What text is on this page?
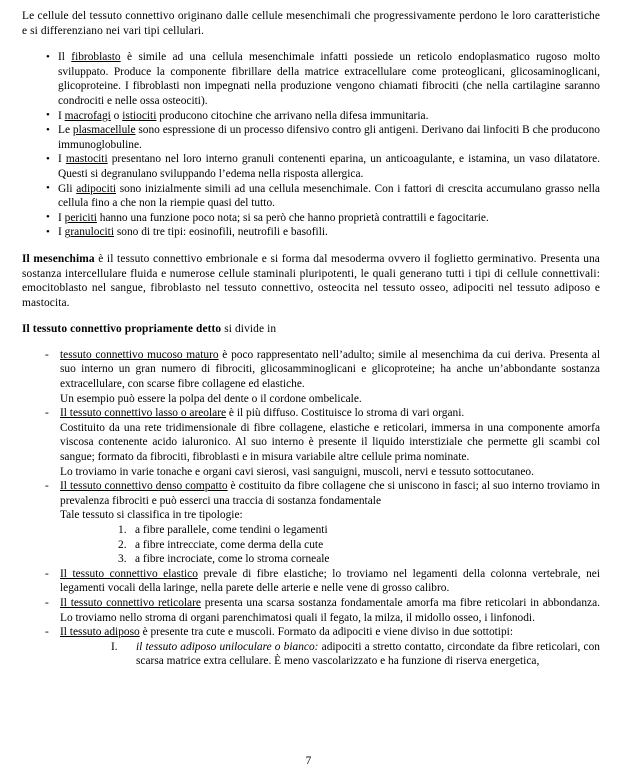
Le cellule del tessuto connettivo originano dalle cellule mesenchimali che progressivamente perdono le loro caratteristiche e si differenziano nei vari tipi cellulari.

• Il fibroblasto è simile ad una cellula mesenchimale infatti possiede un reticolo endoplasmatico rugoso molto sviluppato. Produce la componente fibrillare della matrice extracellulare come proteoglicani, glicosaminoglicani, glicoproteine. I fibroblasti non impegnati nella produzione vengono chiamati fibrociti (che nella cartilagine saranno condrociti e nelle ossa osteociti).
• I macrofagi o istiociti producono citochine che arrivano nella difesa immunitaria.
• Le plasmacellule sono espressione di un processo difensivo contro gli antigeni. Derivano dai linfociti B che producono immunoglobuline.
• I mastociti presentano nel loro interno granuli contenenti eparina, un anticoagulante, e istamina, un vaso dilatatore. Questi si degranulano sviluppando l’edema nella risposta allergica.
• Gli adipociti sono inizialmente simili ad una cellula mesenchimale. Con i fattori di crescita accumulano grasso nella cellula fino a che non la riempie quasi del tutto.
• I periciti hanno una funzione poco nota; si sa però che hanno proprietà contrattili e fagocitarie.
• I granulociti sono di tre tipi: eosinofili, neutrofili e basofili.

Il mesenchima è il tessuto connettivo embrionale e si forma dal mesoderma ovvero il foglietto germinativo. Presenta una sostanza intercellulare fluida e numerose cellule staminali pluripotenti, le quali generano tutti i tipi di cellule connettivali: emocitoblasto nel sangue, fibroblasto nel tessuto connettivo, osteocita nel tessuto osseo, adipociti nel tessuto adiposo e mastocita.

Il tessuto connettivo propriamente detto si divide in

- tessuto connettivo mucoso maturo è poco rappresentato nell’adulto; simile al mesenchima da cui deriva. Presenta al suo interno un gran numero di fibrociti, glicosamminoglicani e glicoproteine; ha anche un’abbondante sostanza extracellulare, con scarse fibre collagene ed elastiche.
Un esempio può essere la polpa del dente o il cordone ombelicale.
- Il tessuto connettivo lasso o areolare è il più diffuso. Costituisce lo stroma di vari organi.
Costituito da una rete tridimensionale di fibre collagene, elastiche e reticolari, immersa in una componente amorfa viscosa contenente acido ialuronico. Al suo interno è presente il liquido interstiziale che permette gli scambi col sangue; formato da fibrociti, fibroblasti e in misura variabile altre cellule prima nominate.
Lo troviamo in varie tonache e organi cavi sierosi, vasi sanguigni, muscoli, nervi e tessuto sottocutaneo.
- Il tessuto connettivo denso compatto è costituito da fibre collagene che si uniscono in fasci; al suo interno troviamo in prevalenza fibrociti e può esserci una traccia di sostanza fondamentale
Tale tessuto si classifica in tre tipologie:
1. a fibre parallele, come tendini o legamenti
2. a fibre intrecciate, come derma della cute
3. a fibre incrociate, come lo stroma corneale
- Il tessuto connettivo elastico prevale di fibre elastiche; lo troviamo nel legamenti della colonna vertebrale, nei legamenti vocali della laringe, nella parete delle arterie e nelle vene di grosso calibro.
- Il tessuto connettivo reticolare presenta una scarsa sostanza fondamentale amorfa ma fibre reticolari in abbondanza. Lo troviamo nello stroma di organi parenchimatosi quali il fegato, la milza, il midollo osseo, i linfonodi.
- Il tessuto adiposo è presente tra cute e muscoli. Formato da adipociti e viene diviso in due sottotipi:
I.	il tessuto adiposo uniloculare o bianco: adipociti a stretto contatto, circondate da fibre reticolari, con scarsa matrice extra cellulare. È meno vascolarizzato e ha funzione di riserva energetica,
7
